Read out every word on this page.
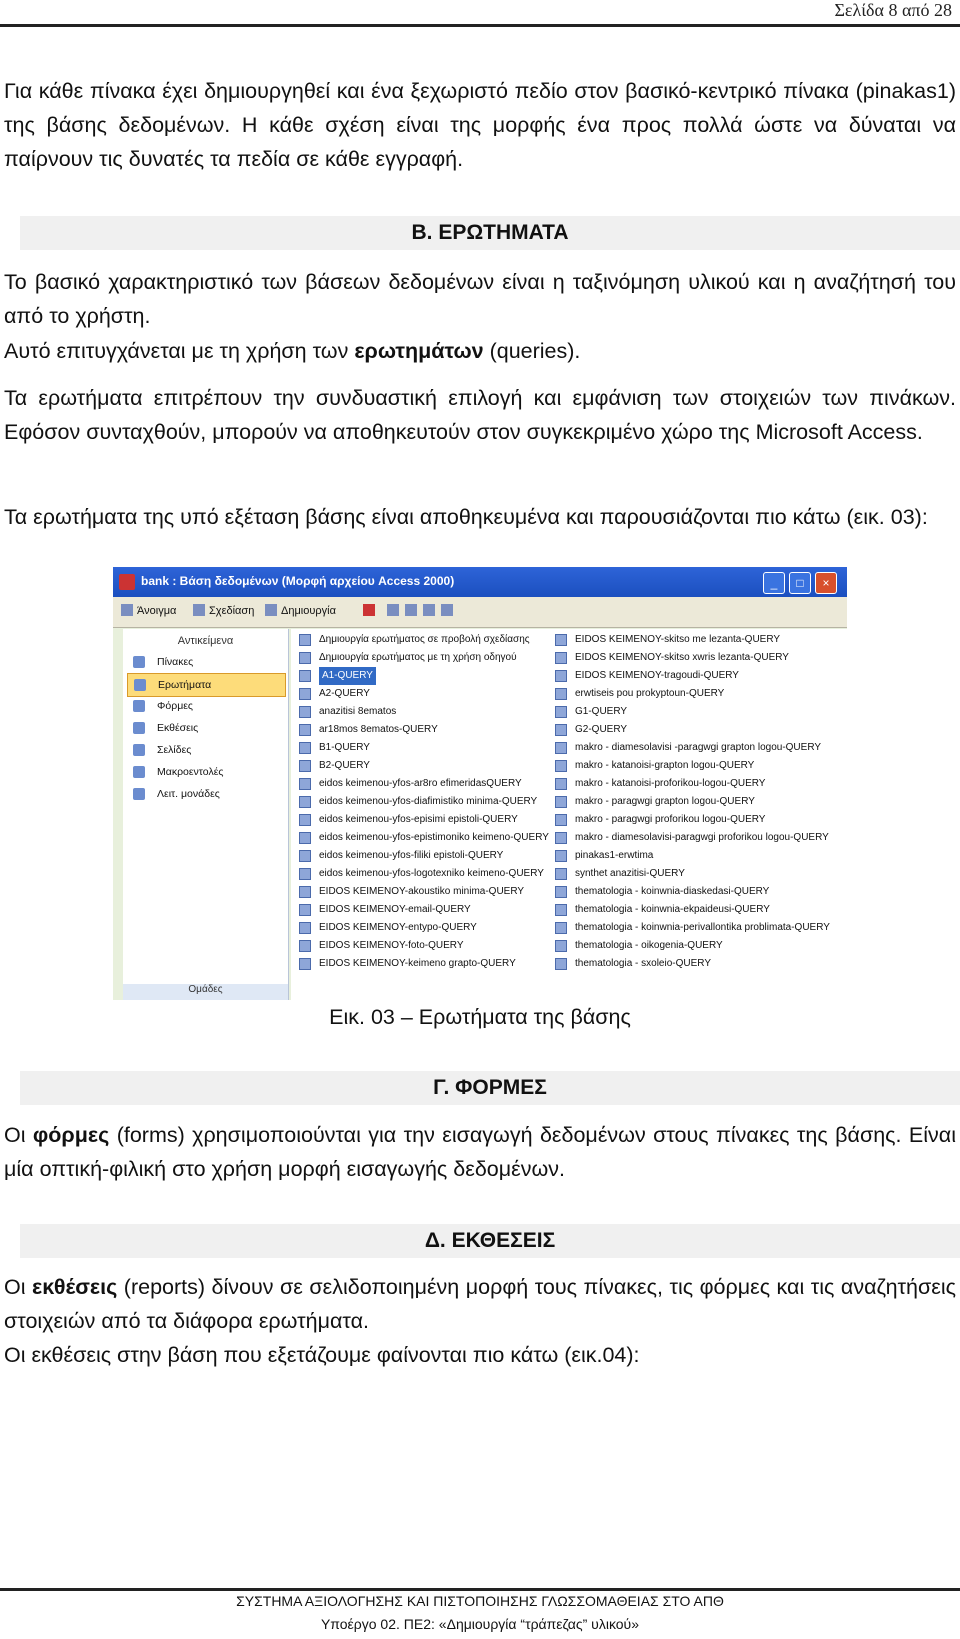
Σελίδα 8 από 28

Για κάθε πίνακα έχει δημιουργηθεί και ένα ξεχωριστό πεδίο στον βασικό-κεντρικό πίνακα (pinakas1) της βάσης δεδομένων. Η κάθε σχέση είναι της μορφής ένα προς πολλά ώστε να δύναται να παίρνουν τις δυνατές τα πεδία σε κάθε εγγραφή.

Β. ΕΡΩΤΗΜΑΤΑ

Το βασικό χαρακτηριστικό των βάσεων δεδομένων είναι η ταξινόμηση υλικού και η αναζήτησή του από το χρήστη.

Αυτό επιτυγχάνεται με τη χρήση των ερωτημάτων (queries).

Τα ερωτήματα επιτρέπουν την συνδυαστική επιλογή και εμφάνιση των στοιχειών των πινάκων. Εφόσον συνταχθούν, μπορούν να αποθηκευτούν στον συγκεκριμένο χώρο της Microsoft Access.

Τα ερωτήματα της υπό εξέταση βάσης είναι αποθηκευμένα και παρουσιάζονται πιο κάτω (εικ. 03):

bank : Βάση δεδομένων (Μορφή αρχείου Access 2000)	_	□	×
Άνοιγμα	Σχεδίαση Δημιουργία
Αντικείμενα
Πίνακες
Ερωτήματα
Φόρμες
Εκθέσεις
Σελίδες
Μακροεντολές
Λειτ. μονάδες
Ομάδες
Δημιουργία ερωτήματος σε προβολή σχεδίασης
Δημιουργία ερωτήματος με τη χρήση οδηγού
A1-QUERY
A2-QUERY
anazitisi 8ematos
ar18mos 8ematos-QUERY
B1-QUERY
B2-QUERY
eidos keimenou-yfos-ar8ro efimeridasQUERY
eidos keimenou-yfos-diafimistiko minima-QUERY
eidos keimenou-yfos-episimi epistoli-QUERY
eidos keimenou-yfos-epistimoniko keimeno-QUERY
eidos keimenou-yfos-filiki epistoli-QUERY
eidos keimenou-yfos-logotexniko keimeno-QUERY
EIDOS KEIMENOY-akoustiko minima-QUERY
EIDOS KEIMENOY-email-QUERY
EIDOS KEIMENOY-entypo-QUERY
EIDOS KEIMENOY-foto-QUERY
EIDOS KEIMENOY-keimeno grapto-QUERY
EIDOS KEIMENOY-skitso me lezanta-QUERY
EIDOS KEIMENOY-skitso xwris lezanta-QUERY
EIDOS KEIMENOY-tragoudi-QUERY
erwtiseis pou prokyptoun-QUERY
G1-QUERY
G2-QUERY
makro - diamesolavisi -paragwgi grapton logou-QUERY
makro - katanoisi-grapton logou-QUERY
makro - katanoisi-proforikou-logou-QUERY
makro - paragwgi grapton logou-QUERY
makro - paragwgi proforikou logou-QUERY
makro - diamesolavisi-paragwgi proforikou logou-QUERY
pinakas1-erwtima
synthet anazitisi-QUERY
thematologia - koinwnia-diaskedasi-QUERY
thematologia - koinwnia-ekpaideusi-QUERY
thematologia - koinwnia-perivallontika problimata-QUERY
thematologia - oikogenia-QUERY
thematologia - sxoleio-QUERY
Εικ. 03 – Ερωτήματα της βάσης

Γ. ΦΟΡΜΕΣ

Οι φόρμες (forms) χρησιμοποιούνται για την εισαγωγή δεδομένων στους πίνακες της βάσης. Είναι μία οπτική-φιλική στο χρήση μορφή εισαγωγής δεδομένων.

Δ. ΕΚΘΕΣΕΙΣ

Οι εκθέσεις (reports) δίνουν σε σελιδοποιημένη μορφή τους πίνακες, τις φόρμες και τις αναζητήσεις στοιχειών από τα διάφορα ερωτήματα.

Οι εκθέσεις στην βάση που εξετάζουμε φαίνονται πιο κάτω (εικ.04):

ΣΥΣΤΗΜΑ ΑΞΙΟΛΟΓΗΣΗΣ ΚΑΙ ΠΙΣΤΟΠΟΙΗΣΗΣ ΓΛΩΣΣΟΜΑΘΕΙΑΣ ΣΤΟ ΑΠΘ
Υποέργο 02. ΠΕ2: «Δημιουργία “τράπεζας” υλικού»
